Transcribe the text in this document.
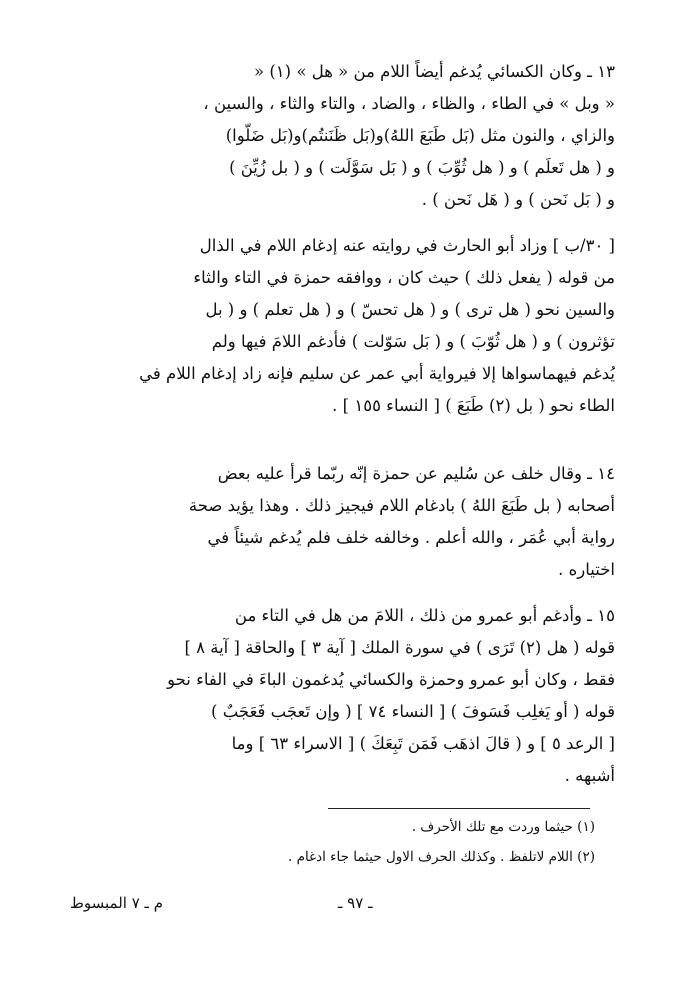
١٣ ـ وكان الكسائي يُدغم أيضاً اللام من « هل » (١) «
« وبل » في الطاء ، والظاء ، والضاد ، والتاء والثاء ، والسين ،
والزاي ، والنون مثل (بَل طَبَعَ اللهُ)و(بَل ظَنَنتُم)و(بَل ضَلّوا)
و ( هل تَعلَم ) و ( هل ثُوِّبَ ) و ( بَل سَوَّلَت ) و ( بل زُيِّنَ )
و ( بَل نَحن ) و ( هَل نَحن ) .
[ ٣٠/ب ] وزاد أبو الحارث في روايته عنه إدغام اللام في الذال
من قوله ( يفعل ذلك ) حيث كان ، ووافقه حمزة في التاء والثاء
والسين نحو ( هل ترى ) و ( هل تحسّ ) و ( هل تعلم ) و ( بل
تؤثرون ) و ( هل ثُوّبَ ) و ( بَل سَوّلت ) فأدغم اللامَ فيها ولم
يُدغم فيهماسواها إلا فيرواية أبي عمر عن سليم فإنه زاد إدغام اللام في
الطاء نحو ( بل (٢) طَبَعَ ) [ النساء ١٥٥ ] .
١٤ ـ وقال خلف عن سُليم عن حمزة إنّه ربّما قرأ عليه بعض
أصحابه ( بل طَبَعَ اللهُ ) بادغام اللام فيجيز ذلك . وهذا يؤيد صحة
رواية أبي عُمَر ، والله أعلم . وخالفه خلف فلم يُدغم شيئاً في
اختياره .
١٥ ـ وأدغم أبو عمرو من ذلك ، اللامَ من هل في التاء من
قوله ( هل (٢) تَرَى ) في سورة الملك [ آية ٣ ] والحاقة [ آية ٨ ]
فقط ، وكان أبو عمرو وحمزة والكسائي يُدغمون الباءَ في الفاء نحو
قوله ( أو يَغلِب فَسَوفَ ) [ النساء ٧٤ ] ( وإن تَعجَب فَعَجَبٌ )
[ الرعد ٥ ] و ( قالَ اذهَب فَمَن تَبِعَكَ ) [ الاسراء ٦٣ ] وما
أشبهه .
(١) حيثما وردت مع تلك الأحرف .
(٢) اللام لاتلفظ . وكذلك الحرف الاول حيثما جاء ادغام .
ـ ٩٧ ـ
م ـ ٧ المبسوط
